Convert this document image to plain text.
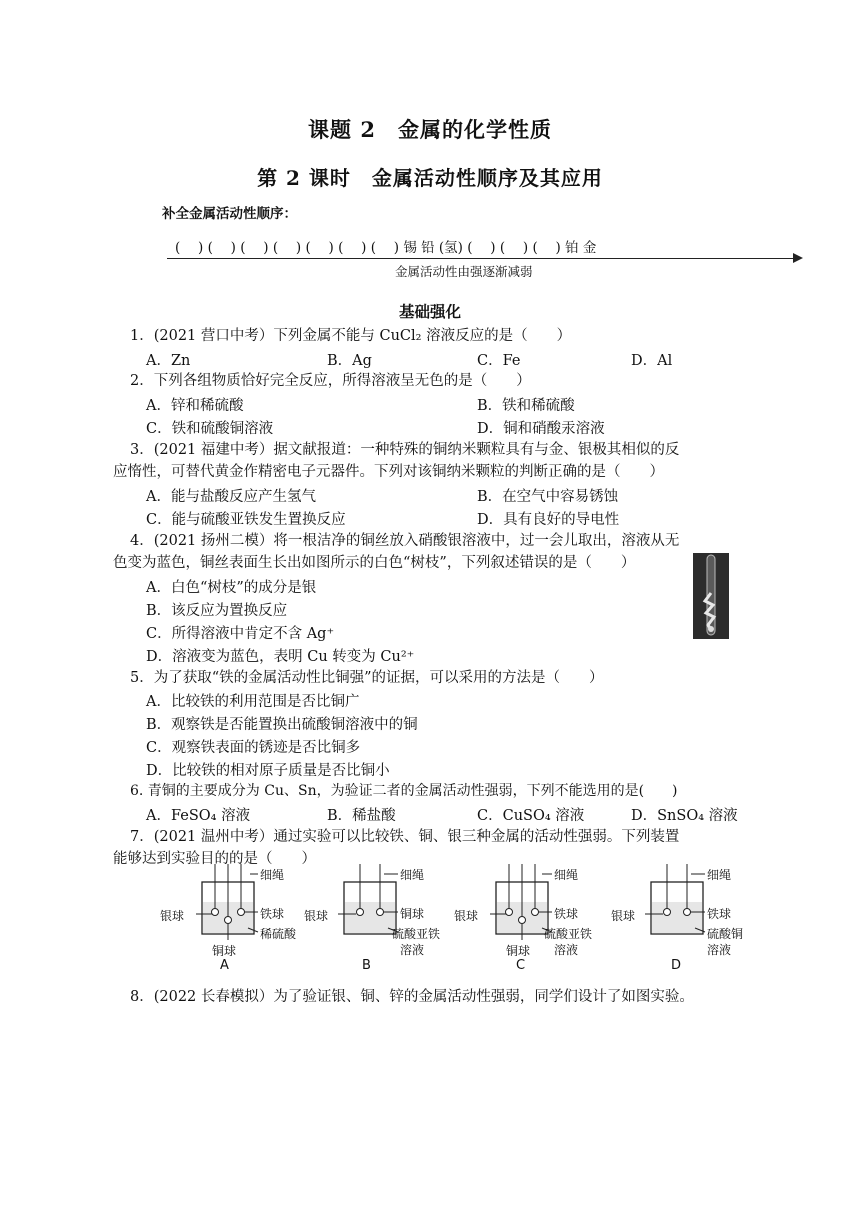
课题 2　金属的化学性质
第 2 课时　金属活动性顺序及其应用
补全金属活动性顺序：
(　 ) (　 ) (　 ) (　 ) (　 ) (　 ) (　 ) 锡 铅 (氢) (　 ) (　 ) (　 ) 铂 金
金属活动性由强逐渐减弱
基础强化
1．(2021 营口中考）下列金属不能与 CuCl₂ 溶液反应的是（　　）
A．Zn	B．Ag	C．Fe	D．Al
2．下列各组物质恰好完全反应，所得溶液呈无色的是（　　）
A．锌和稀硫酸	B．铁和稀硫酸
C．铁和硫酸铜溶液	D．铜和硝酸汞溶液
3．(2021 福建中考）据文献报道：一种特殊的铜纳米颗粒具有与金、银极其相似的反
应惰性，可替代黄金作精密电子元器件。下列对该铜纳米颗粒的判断正确的是（　　）
A．能与盐酸反应产生氢气	B．在空气中容易锈蚀
C．能与硫酸亚铁发生置换反应	D．具有良好的导电性
4．(2021 扬州二模）将一根洁净的铜丝放入硝酸银溶液中，过一会儿取出，溶液从无
色变为蓝色，铜丝表面生长出如图所示的白色“树枝”，下列叙述错误的是（　　）
A．白色“树枝”的成分是银
B．该反应为置换反应
C．所得溶液中肯定不含 Ag⁺
D．溶液变为蓝色，表明 Cu 转变为 Cu²⁺
5．为了获取“铁的金属活动性比铜强”的证据，可以采用的方法是（　　）
A．比较铁的利用范围是否比铜广
B．观察铁是否能置换出硫酸铜溶液中的铜
C．观察铁表面的锈迹是否比铜多
D．比较铁的相对原子质量是否比铜小
6. 青铜的主要成分为 Cu、Sn，为验证二者的金属活动性强弱，下列不能选用的是(　　)
A．FeSO₄ 溶液	B．稀盐酸	C．CuSO₄ 溶液	D．SnSO₄ 溶液
7．(2021 温州中考）通过实验可以比较铁、铜、银三种金属的活动性强弱。下列装置
能够达到实验目的的是（　　）
银球
细绳
铁球
稀硫酸
铜球
A
银球
细绳
铜球
硫酸亚铁
溶液
B
银球
细绳
铁球
硫酸亚铁
溶液
铜球
C
银球
细绳
铁球
硫酸铜
溶液
D
8．(2022 长春模拟）为了验证银、铜、锌的金属活动性强弱，同学们设计了如图实验。
